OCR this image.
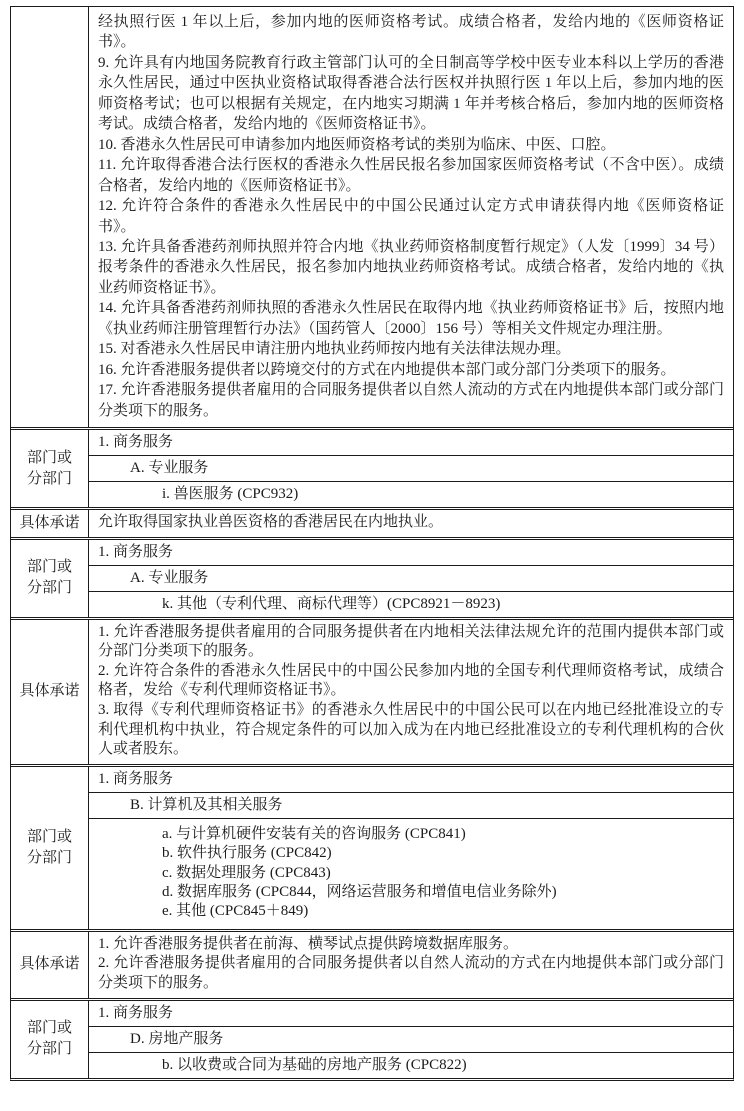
经执照行医 1 年以上后，参加内地的医师资格考试。成绩合格者，发给内地的《医师资格证书》。

9. 允许具有内地国务院教育行政主管部门认可的全日制高等学校中医专业本科以上学历的香港永久性居民，通过中医执业资格试取得香港合法行医权并执照行医 1 年以上后，参加内地的医师资格考试；也可以根据有关规定，在内地实习期满 1 年并考核合格后，参加内地的医师资格考试。成绩合格者，发给内地的《医师资格证书》。

10. 香港永久性居民可申请参加内地医师资格考试的类别为临床、中医、口腔。

11. 允许取得香港合法行医权的香港永久性居民报名参加国家医师资格考试（不含中医）。成绩合格者，发给内地的《医师资格证书》。

12. 允许符合条件的香港永久性居民中的中国公民通过认定方式申请获得内地《医师资格证书》。

13. 允许具备香港药剂师执照并符合内地《执业药师资格制度暂行规定》（人发〔1999〕34 号）报考条件的香港永久性居民，报名参加内地执业药师资格考试。成绩合格者，发给内地的《执业药师资格证书》。

14. 允许具备香港药剂师执照的香港永久性居民在取得内地《执业药师资格证书》后，按照内地《执业药师注册管理暂行办法》（国药管人〔2000〕156 号）等相关文件规定办理注册。

15. 对香港永久性居民申请注册内地执业药师按内地有关法律法规办理。

16. 允许香港服务提供者以跨境交付的方式在内地提供本部门或分部门分类项下的服务。

17. 允许香港服务提供者雇用的合同服务提供者以自然人流动的方式在内地提供本部门或分部门分类项下的服务。

部门或分部门
1. 商务服务
A. 专业服务
i. 兽医服务 (CPC932)
具体承诺 允许取得国家执业兽医资格的香港居民在内地执业。

部门或分部门
1. 商务服务
A. 专业服务
k. 其他（专利代理、商标代理等）(CPC8921－8923)
具体承诺

1. 允许香港服务提供者雇用的合同服务提供者在内地相关法律法规允许的范围内提供本部门或分部门分类项下的服务。

2. 允许符合条件的香港永久性居民中的中国公民参加内地的全国专利代理师资格考试，成绩合格者，发给《专利代理师资格证书》。

3. 取得《专利代理师资格证书》的香港永久性居民中的中国公民可以在内地已经批准设立的专利代理机构中执业，符合规定条件的可以加入成为在内地已经批准设立的专利代理机构的合伙人或者股东。

部门或分部门
1. 商务服务
B. 计算机及其相关服务
a. 与计算机硬件安装有关的咨询服务 (CPC841)
b. 软件执行服务 (CPC842)
c. 数据处理服务 (CPC843)
d. 数据库服务 (CPC844，网络运营服务和增值电信业务除外)
e. 其他 (CPC845＋849)
具体承诺

1. 允许香港服务提供者在前海、横琴试点提供跨境数据库服务。

2. 允许香港服务提供者雇用的合同服务提供者以自然人流动的方式在内地提供本部门或分部门分类项下的服务。

部门或分部门
1. 商务服务
D. 房地产服务
b. 以收费或合同为基础的房地产服务 (CPC822)
